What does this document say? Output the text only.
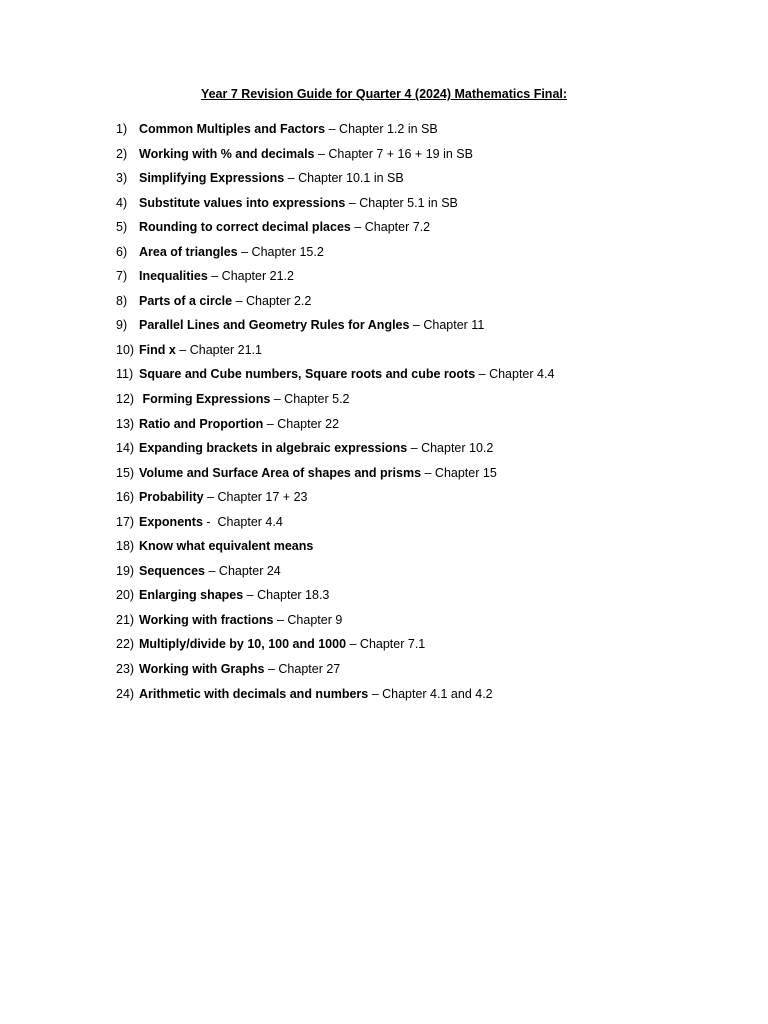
Year 7 Revision Guide for Quarter 4 (2024) Mathematics Final:
1) Common Multiples and Factors – Chapter 1.2 in SB
2) Working with % and decimals – Chapter 7 + 16 + 19 in SB
3) Simplifying Expressions – Chapter 10.1 in SB
4) Substitute values into expressions – Chapter 5.1 in SB
5) Rounding to correct decimal places – Chapter 7.2
6) Area of triangles – Chapter 15.2
7) Inequalities – Chapter 21.2
8) Parts of a circle – Chapter 2.2
9) Parallel Lines and Geometry Rules for Angles – Chapter 11
10) Find x – Chapter 21.1
11) Square and Cube numbers, Square roots and cube roots – Chapter 4.4
12) Forming Expressions – Chapter 5.2
13) Ratio and Proportion – Chapter 22
14) Expanding brackets in algebraic expressions – Chapter 10.2
15) Volume and Surface Area of shapes and prisms – Chapter 15
16) Probability – Chapter 17 + 23
17) Exponents -  Chapter 4.4
18) Know what equivalent means
19) Sequences – Chapter 24
20) Enlarging shapes – Chapter 18.3
21) Working with fractions – Chapter 9
22) Multiply/divide by 10, 100 and 1000 – Chapter 7.1
23) Working with Graphs – Chapter 27
24) Arithmetic with decimals and numbers – Chapter 4.1 and 4.2
